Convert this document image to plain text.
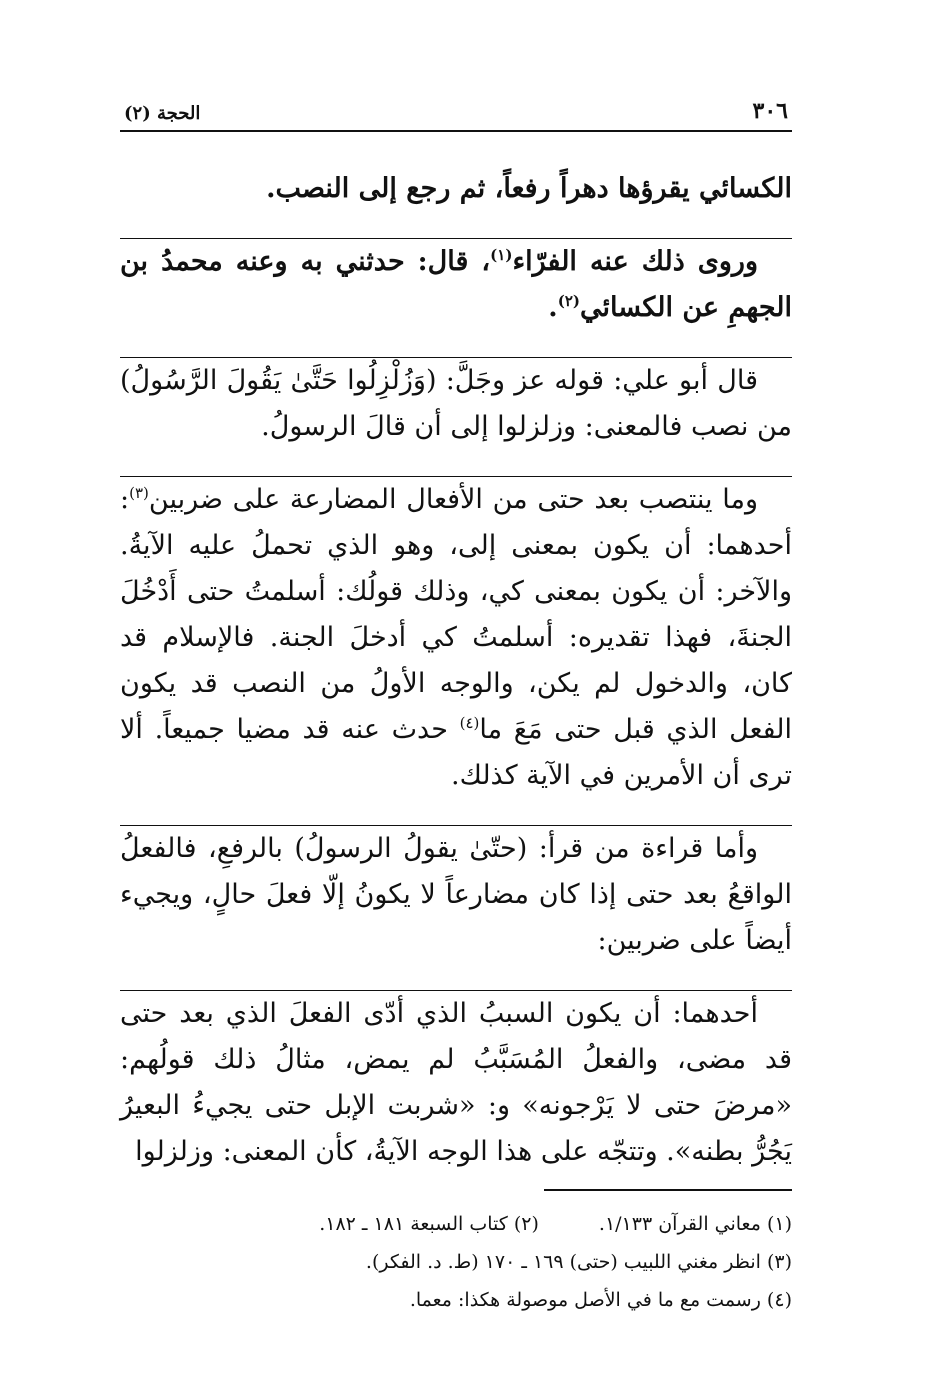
٣٠٦
الحجة (٢)

الكسائي يقرؤها دهراً رفعاً، ثم رجع إلى النصب.

وروى ذلك عنه الفرّاء$^{(١)}$، قال: حدثني به وعنه محمدُ بن الجهمِ عن الكسائي$^{(٢)}$.

قال أبو علي: قوله عز وجَلَّ: (وَزُلْزِلُوا حَتَّىٰ يَقُولَ الرَّسُولُ) من نصب فالمعنى: وزلزلوا إلى أن قالَ الرسولُ.

وما ينتصب بعد حتى من الأفعال المضارعة على ضربين$^{(٣)}$: أحدهما: أن يكون بمعنى إلى، وهو الذي تحملُ عليه الآيةُ. والآخر: أن يكون بمعنى كي، وذلك قولُك: أسلمتُ حتى أَدْخُلَ الجنةَ، فهذا تقديره: أسلمتُ كي أدخلَ الجنة. فالإسلام قد كان، والدخول لم يكن، والوجه الأولُ من النصب قد يكون الفعل الذي قبل حتى مَعَ ما$^{(٤)}$ حدث عنه قد مضيا جميعاً. ألا ترى أن الأمرين في الآية كذلك.

وأما قراءة من قرأ: (حتّىٰ يقولُ الرسولُ) بالرفعِ، فالفعلُ الواقعُ بعد حتى إذا كان مضارعاً لا يكونُ إلّا فعلَ حالٍ، ويجيء أيضاً على ضربين:

أحدهما: أن يكون السببُ الذي أدّى الفعلَ الذي بعد حتى قد مضى، والفعلُ المُسَبَّبُ لم يمض، مثالُ ذلك قولُهم: «مرضَ حتى لا يَرْجونه» و: «شربت الإبل حتى يجيءُ البعيرُ يَجُرُّ بطنه». وتتجّه على هذا الوجه الآيةُ، كأن المعنى: وزلزلوا

(١) معاني القرآن ١/١٣٣.
(٢) كتاب السبعة ١٨١ ـ ١٨٢.
(٣) انظر مغني اللبيب (حتى) ١٦٩ ـ ١٧٠ (ط. د. الفكر).
(٤) رسمت مع ما في الأصل موصولة هكذا: معما.
